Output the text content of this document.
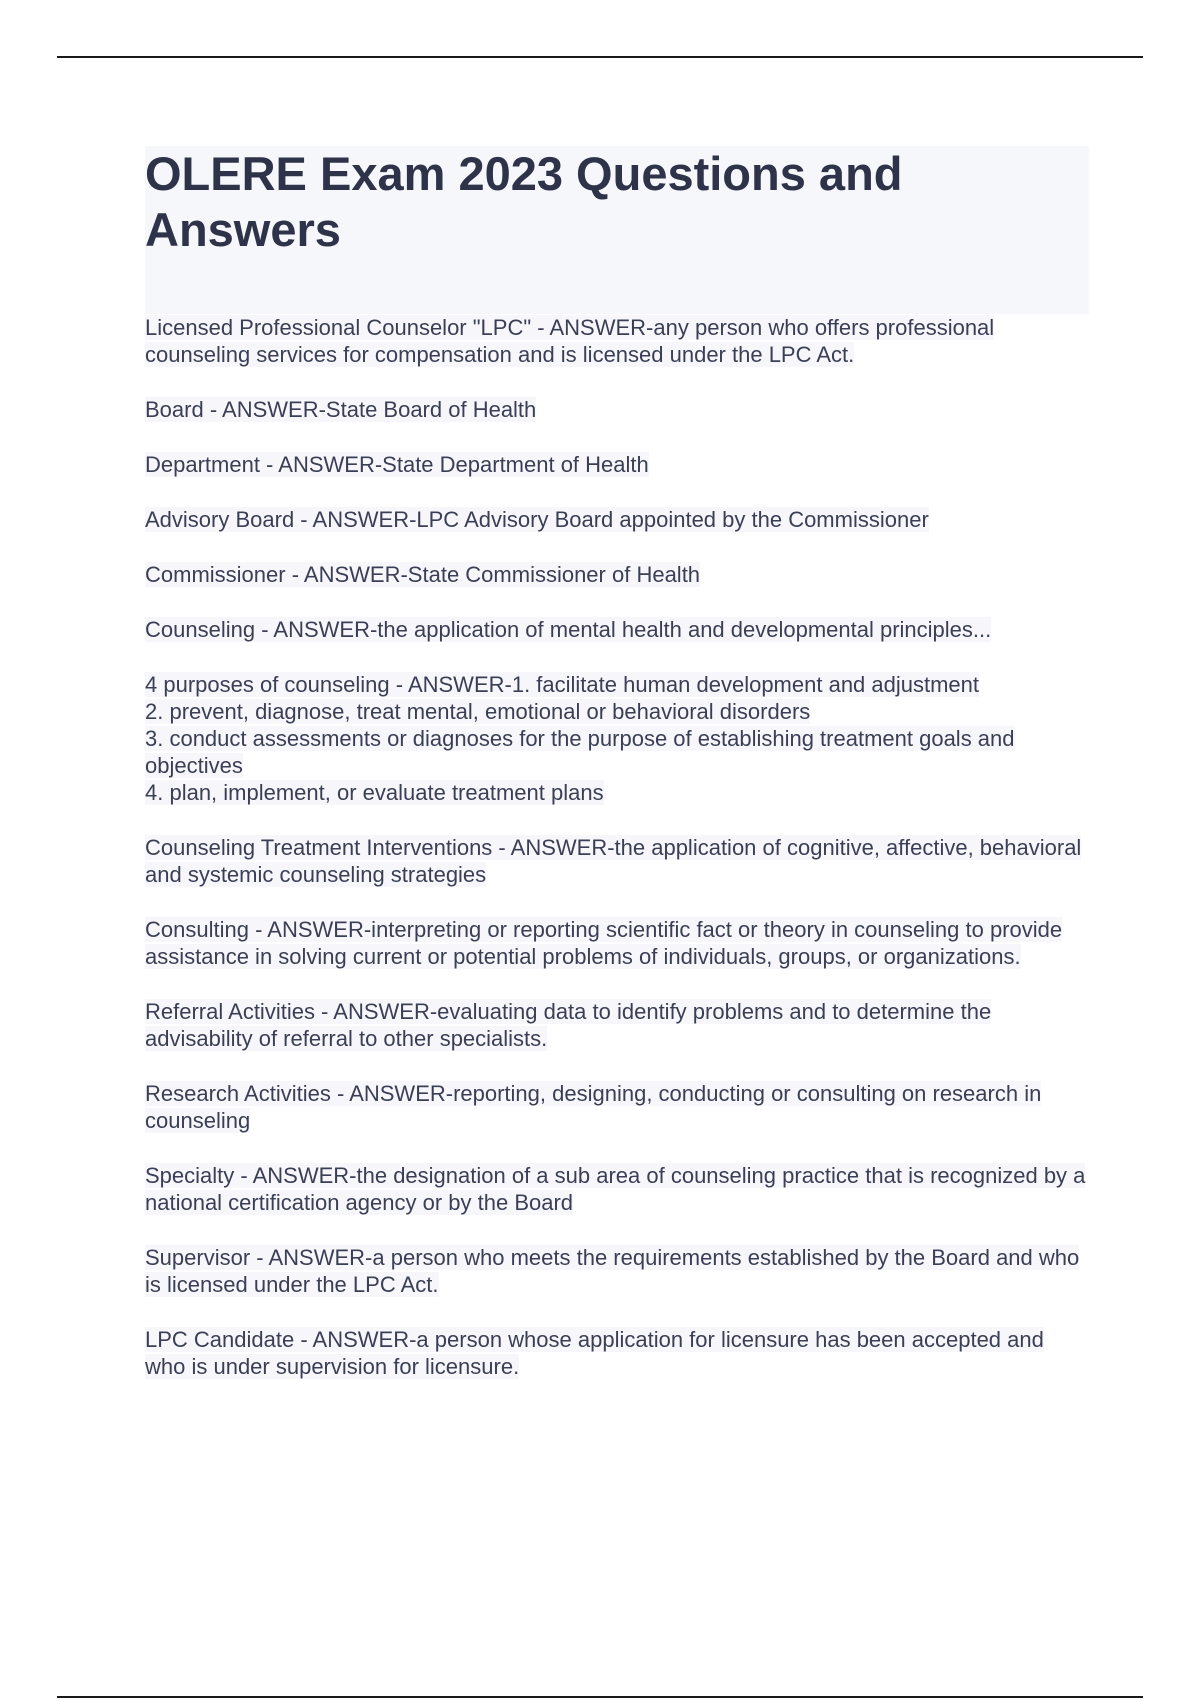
OLERE Exam 2023 Questions and Answers

Licensed Professional Counselor "LPC" - ANSWER-any person who offers professional counseling services for compensation and is licensed under the LPC Act.

Board - ANSWER-State Board of Health

Department - ANSWER-State Department of Health

Advisory Board - ANSWER-LPC Advisory Board appointed by the Commissioner

Commissioner - ANSWER-State Commissioner of Health

Counseling - ANSWER-the application of mental health and developmental principles...

4 purposes of counseling - ANSWER-1. facilitate human development and adjustment
2. prevent, diagnose, treat mental, emotional or behavioral disorders
3. conduct assessments or diagnoses for the purpose of establishing treatment goals and objectives
4. plan, implement, or evaluate treatment plans

Counseling Treatment Interventions - ANSWER-the application of cognitive, affective, behavioral and systemic counseling strategies

Consulting - ANSWER-interpreting or reporting scientific fact or theory in counseling to provide assistance in solving current or potential problems of individuals, groups, or organizations.

Referral Activities - ANSWER-evaluating data to identify problems and to determine the advisability of referral to other specialists.

Research Activities - ANSWER-reporting, designing, conducting or consulting on research in counseling

Specialty - ANSWER-the designation of a sub area of counseling practice that is recognized by a national certification agency or by the Board

Supervisor - ANSWER-a person who meets the requirements established by the Board and who is licensed under the LPC Act.

LPC Candidate - ANSWER-a person whose application for licensure has been accepted and who is under supervision for licensure.
